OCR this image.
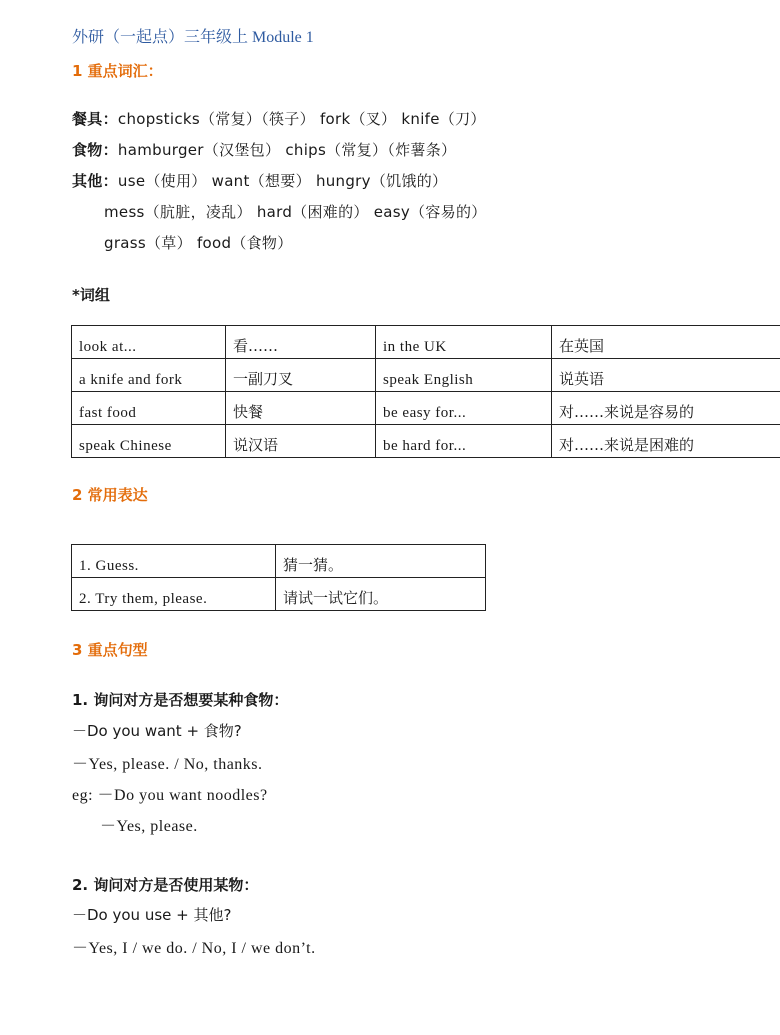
外研（一起点）三年级上 Module 1
1 重点词汇：
餐具：chopsticks（常复）（筷子） fork（叉） knife（刀）
食物：hamburger（汉堡包） chips（常复）（炸薯条）
其他：use（使用） want（想要） hungry（饥饿的）
mess（肮脏，凌乱） hard（困难的） easy（容易的）
grass（草） food（食物）
*词组
look at...	看……	in the UK	在英国
a knife and fork	一副刀叉	speak English	说英语
fast food	快餐	be easy for...	对……来说是容易的
speak Chinese	说汉语	be hard for...	对……来说是困难的
2 常用表达
1. Guess.	猜一猜。
2. Try them, please.	请试一试它们。
3 重点句型
1. 询问对方是否想要某种食物：
－Do you want + 食物?
－Yes, please. / No, thanks.
eg: －Do you want noodles?
－Yes, please.
2. 询问对方是否使用某物：
－Do you use + 其他?
－Yes, I / we do. / No, I / we don’t.
